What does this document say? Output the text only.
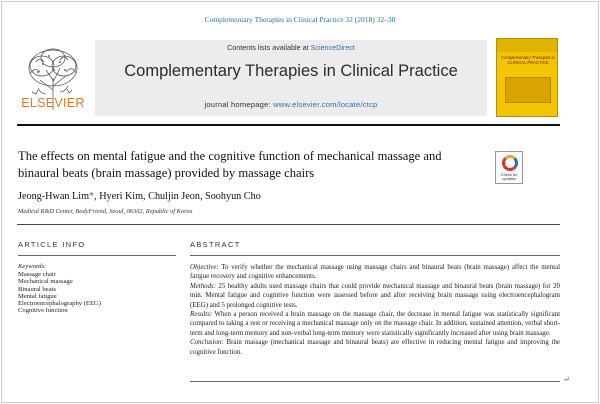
Complementary Therapies in Clinical Practice 32 (2018) 32–38
ELSEVIER
Contents lists available at ScienceDirect
Complementary Therapies in Clinical Practice
journal homepage: www.elsevier.com/locate/ctcp
Complementary Therapies in CLINICAL PRACTICE
The effects on mental fatigue and the cognitive function of mechanical massage and binaural beats (brain massage) provided by massage chairs	Check for updates
Jeong-Hwan Lim*, Hyeri Kim, Chuljin Jeon, Soohyun Cho
Medical R&D Center, BodyFriend, Seoul, 06302, Republic of Korea
ARTICLE INFO
Keywords:
Massage chair
Mechanical massage
Binaural beats
Mental fatigue
Electroencephalography (EEG)
Cognitive function
ABSTRACT

Objective: To verify whether the mechanical massage using massage chairs and binaural beats (brain massage) affect the mental fatigue recovery and cognitive enhancements.

Methods: 25 healthy adults used massage chairs that could provide mechanical massage and binaural beats (brain massage) for 20 min. Mental fatigue and cognitive function were assessed before and after receiving brain massage using electroencephalogram (EEG) and 5 prolonged cognitive tests.

Results: When a person received a brain massage on the massage chair, the decrease in mental fatigue was statistically significant compared to taking a rest or receiving a mechanical massage only on the massage chair. In addition, sustained attention, verbal short-term and long-term memory and non-verbal long-term memory were statistically significantly increased after using brain massage.

Conclusion: Brain massage (mechanical massage and binaural beats) are effective in reducing mental fatigue and improving the cognitive function.

↵
